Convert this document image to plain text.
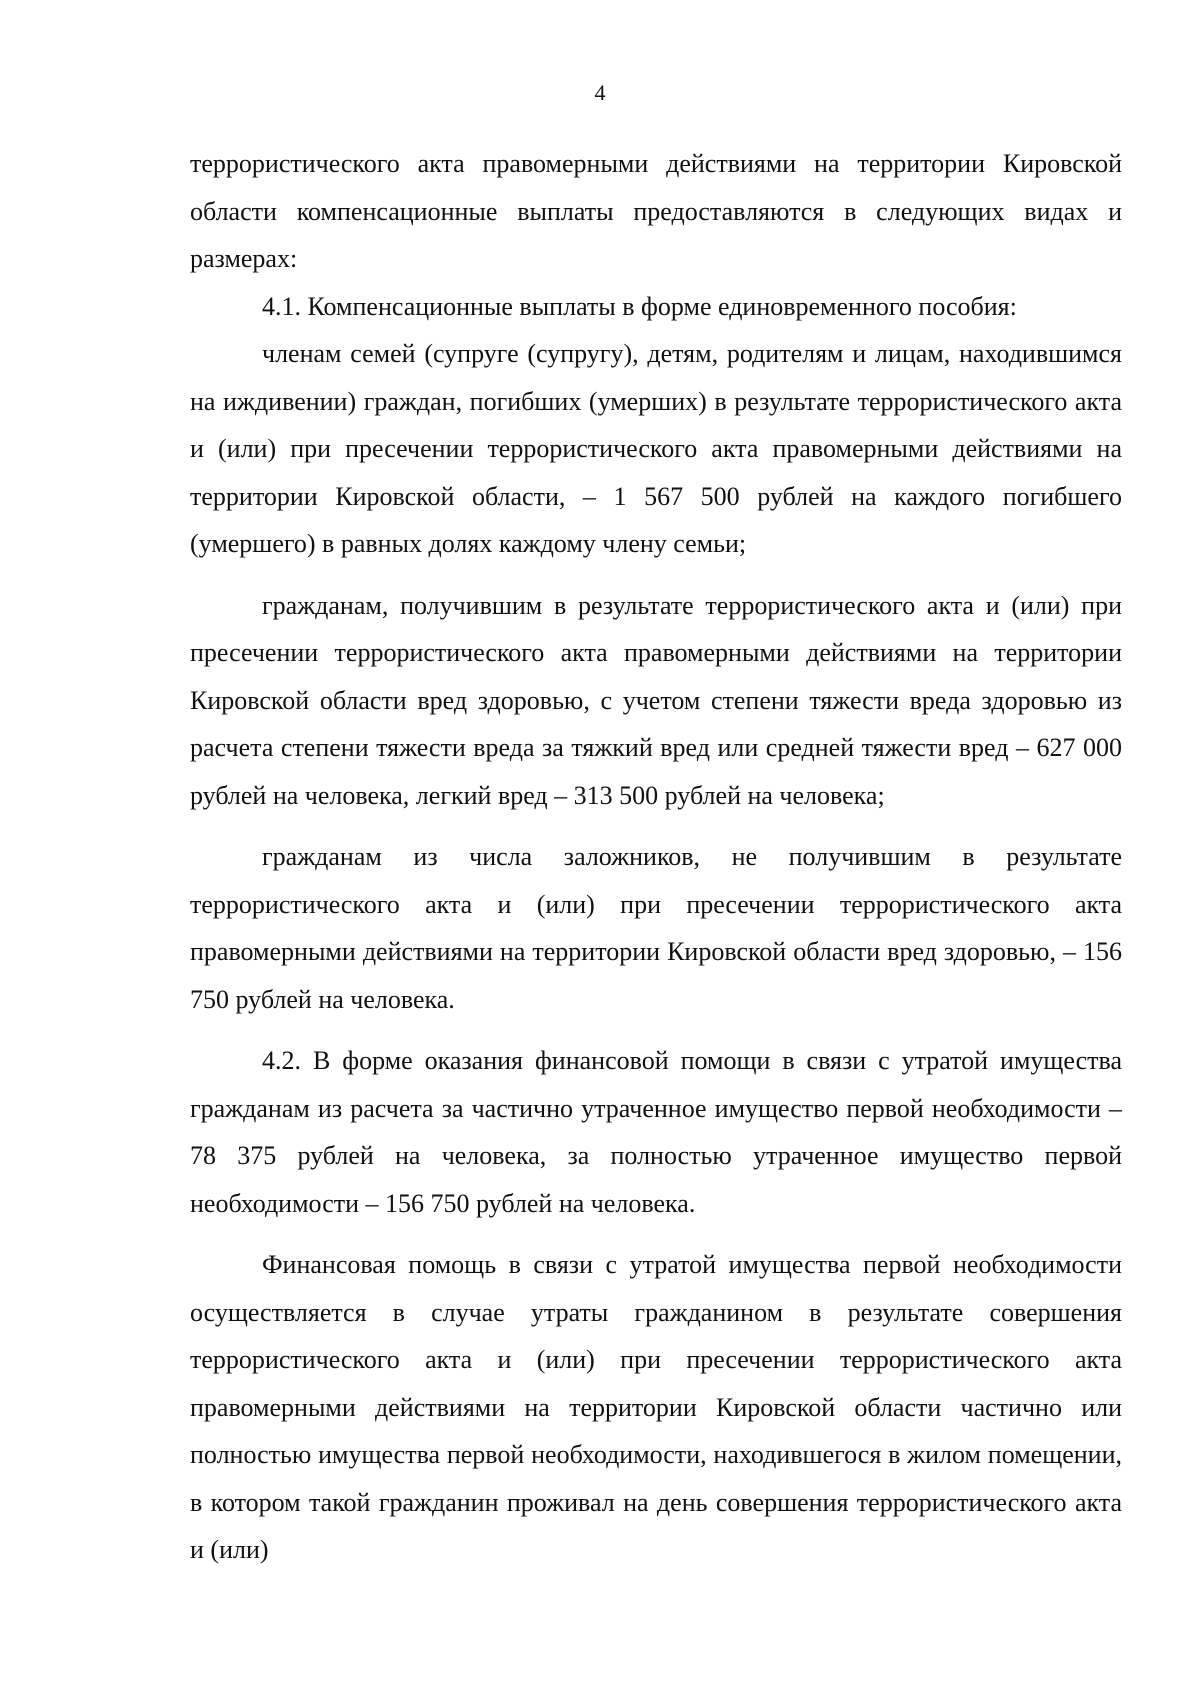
4

террористического акта правомерными действиями на территории Кировской области компенсационные выплаты предоставляются в следующих видах и размерах:

4.1. Компенсационные выплаты в форме единовременного пособия:

членам семей (супруге (супругу), детям, родителям и лицам, находившимся на иждивении) граждан, погибших (умерших) в результате террористического акта и (или) при пресечении террористического акта правомерными действиями на территории Кировской области, – 1 567 500 рублей на каждого погибшего (умершего) в равных долях каждому члену семьи;

гражданам, получившим в результате террористического акта и (или) при пресечении террористического акта правомерными действиями на территории Кировской области вред здоровью, с учетом степени тяжести вреда здоровью из расчета степени тяжести вреда за тяжкий вред или средней тяжести вред – 627 000 рублей на человека, легкий вред – 313 500 рублей на человека;

гражданам из числа заложников, не получившим в результате террористического акта и (или) при пресечении террористического акта правомерными действиями на территории Кировской области вред здоровью, – 156 750 рублей на человека.

4.2. В форме оказания финансовой помощи в связи с утратой имущества гражданам из расчета за частично утраченное имущество первой необходимости – 78 375 рублей на человека, за полностью утраченное имущество первой необходимости – 156 750 рублей на человека.

Финансовая помощь в связи с утратой имущества первой необходимости осуществляется в случае утраты гражданином в результате совершения террористического акта и (или) при пресечении террористического акта правомерными действиями на территории Кировской области частично или полностью имущества первой необходимости, находившегося в жилом помещении, в котором такой гражданин проживал на день совершения террористического акта и (или)
